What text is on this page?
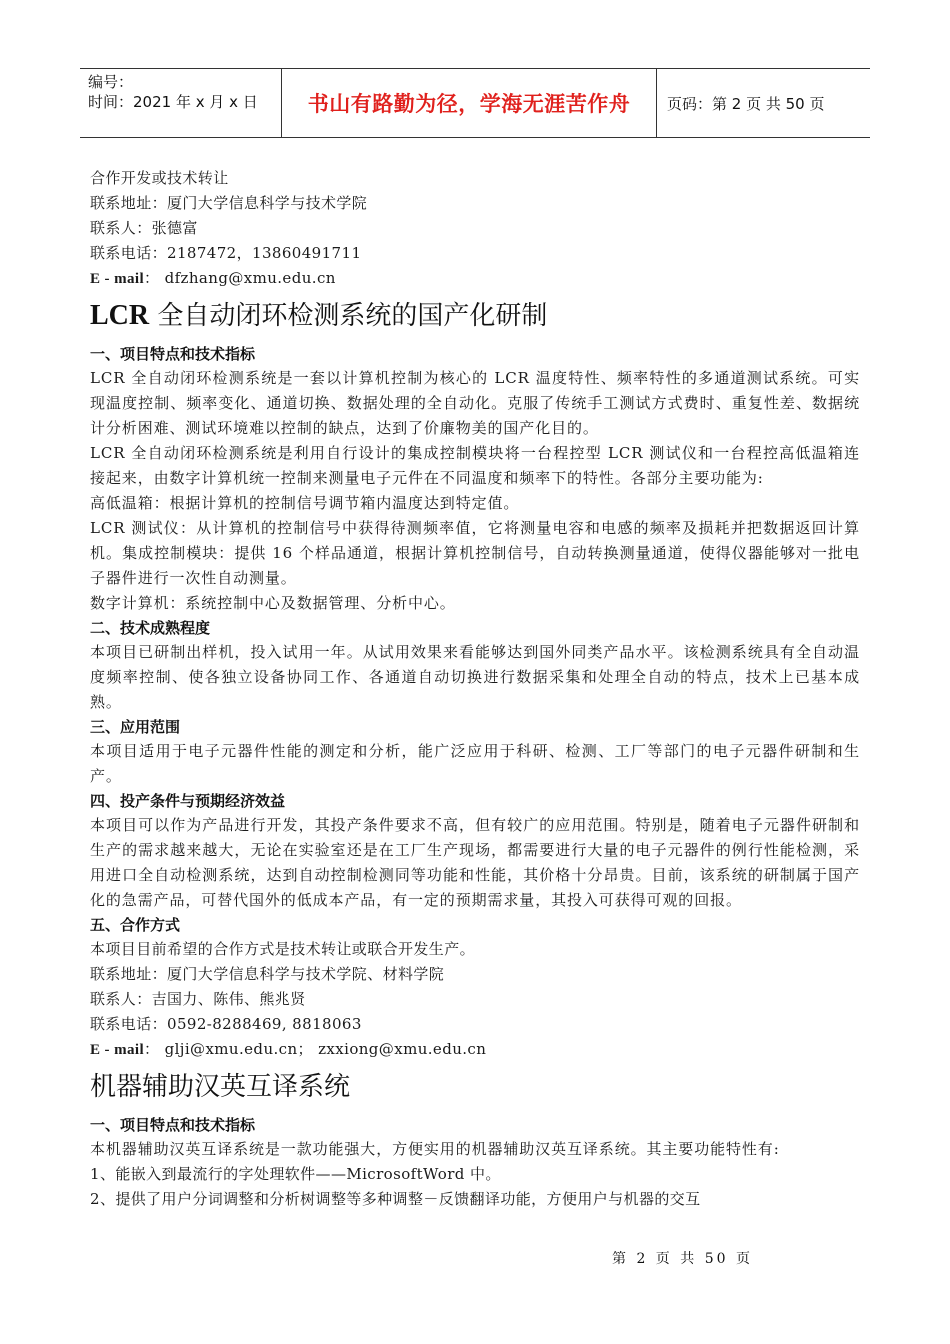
编号：
时间：2021 年 x 月 x 日	书山有路勤为径，学海无涯苦作舟 页码：第 2 页 共 50 页

合作开发或技术转让

联系地址：厦门大学信息科学与技术学院

联系人：张德富

联系电话：2187472，13860491711

E - mail： dfzhang@xmu.edu.cn

LCR 全自动闭环检测系统的国产化研制

一、项目特点和技术指标

LCR 全自动闭环检测系统是一套以计算机控制为核心的 LCR 温度特性、频率特性的多通道测试系统。可实现温度控制、频率变化、通道切换、数据处理的全自动化。克服了传统手工测试方式费时、重复性差、数据统计分析困难、测试环境难以控制的缺点，达到了价廉物美的国产化目的。

LCR 全自动闭环检测系统是利用自行设计的集成控制模块将一台程控型 LCR 测试仪和一台程控高低温箱连接起来，由数字计算机统一控制来测量电子元件在不同温度和频率下的特性。各部分主要功能为:

高低温箱：根据计算机的控制信号调节箱内温度达到特定值。

LCR 测试仪：从计算机的控制信号中获得待测频率值，它将测量电容和电感的频率及损耗并把数据返回计算机。集成控制模块：提供 16 个样品通道，根据计算机控制信号，自动转换测量通道，使得仪器能够对一批电子器件进行一次性自动测量。

数字计算机：系统控制中心及数据管理、分析中心。

二、技术成熟程度

本项目已研制出样机，投入试用一年。从试用效果来看能够达到国外同类产品水平。该检测系统具有全自动温度频率控制、使各独立设备协同工作、各通道自动切换进行数据采集和处理全自动的特点，技术上已基本成熟。

三、应用范围

本项目适用于电子元器件性能的测定和分析，能广泛应用于科研、检测、工厂等部门的电子元器件研制和生产。

四、投产条件与预期经济效益

本项目可以作为产品进行开发，其投产条件要求不高，但有较广的应用范围。特别是，随着电子元器件研制和生产的需求越来越大，无论在实验室还是在工厂生产现场，都需要进行大量的电子元器件的例行性能检测，采用进口全自动检测系统，达到自动控制检测同等功能和性能，其价格十分昂贵。目前，该系统的研制属于国产化的急需产品，可替代国外的低成本产品，有一定的预期需求量，其投入可获得可观的回报。

五、合作方式

本项目目前希望的合作方式是技术转让或联合开发生产。

联系地址：厦门大学信息科学与技术学院、材料学院

联系人：吉国力、陈伟、熊兆贤

联系电话：0592-8288469, 8818063

E - mail： glji@xmu.edu.cn； zxxiong@xmu.edu.cn

机器辅助汉英互译系统

一、项目特点和技术指标

本机器辅助汉英互译系统是一款功能强大，方便实用的机器辅助汉英互译系统。其主要功能特性有:

1、能嵌入到最流行的字处理软件——MicrosoftWord 中。

2、提供了用户分词调整和分析树调整等多种调整－反馈翻译功能，方便用户与机器的交互

第 2 页 共 50 页
